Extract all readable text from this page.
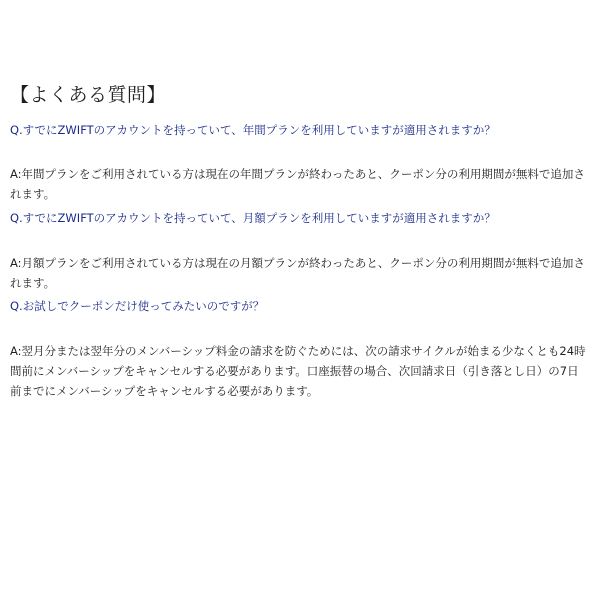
【よくある質問】
Q.すでにZWIFTのアカウントを持っていて、年間プランを利用していますが適用されますか？
A:年間プランをご利用されている方は現在の年間プランが終わったあと、クーポン分の利用期間が無料で追加されます。
Q.すでにZWIFTのアカウントを持っていて、月額プランを利用していますが適用されますか？
A:月額プランをご利用されている方は現在の月額プランが終わったあと、クーポン分の利用期間が無料で追加されます。
Q.お試しでクーポンだけ使ってみたいのですが？
A:翌月分または翌年分のメンバーシップ料金の請求を防ぐためには、次の請求サイクルが始まる少なくとも24時間前にメンバーシップをキャンセルする必要があります。口座振替の場合、次回請求日（引き落とし日）の7日前までにメンバーシップをキャンセルする必要があります。
